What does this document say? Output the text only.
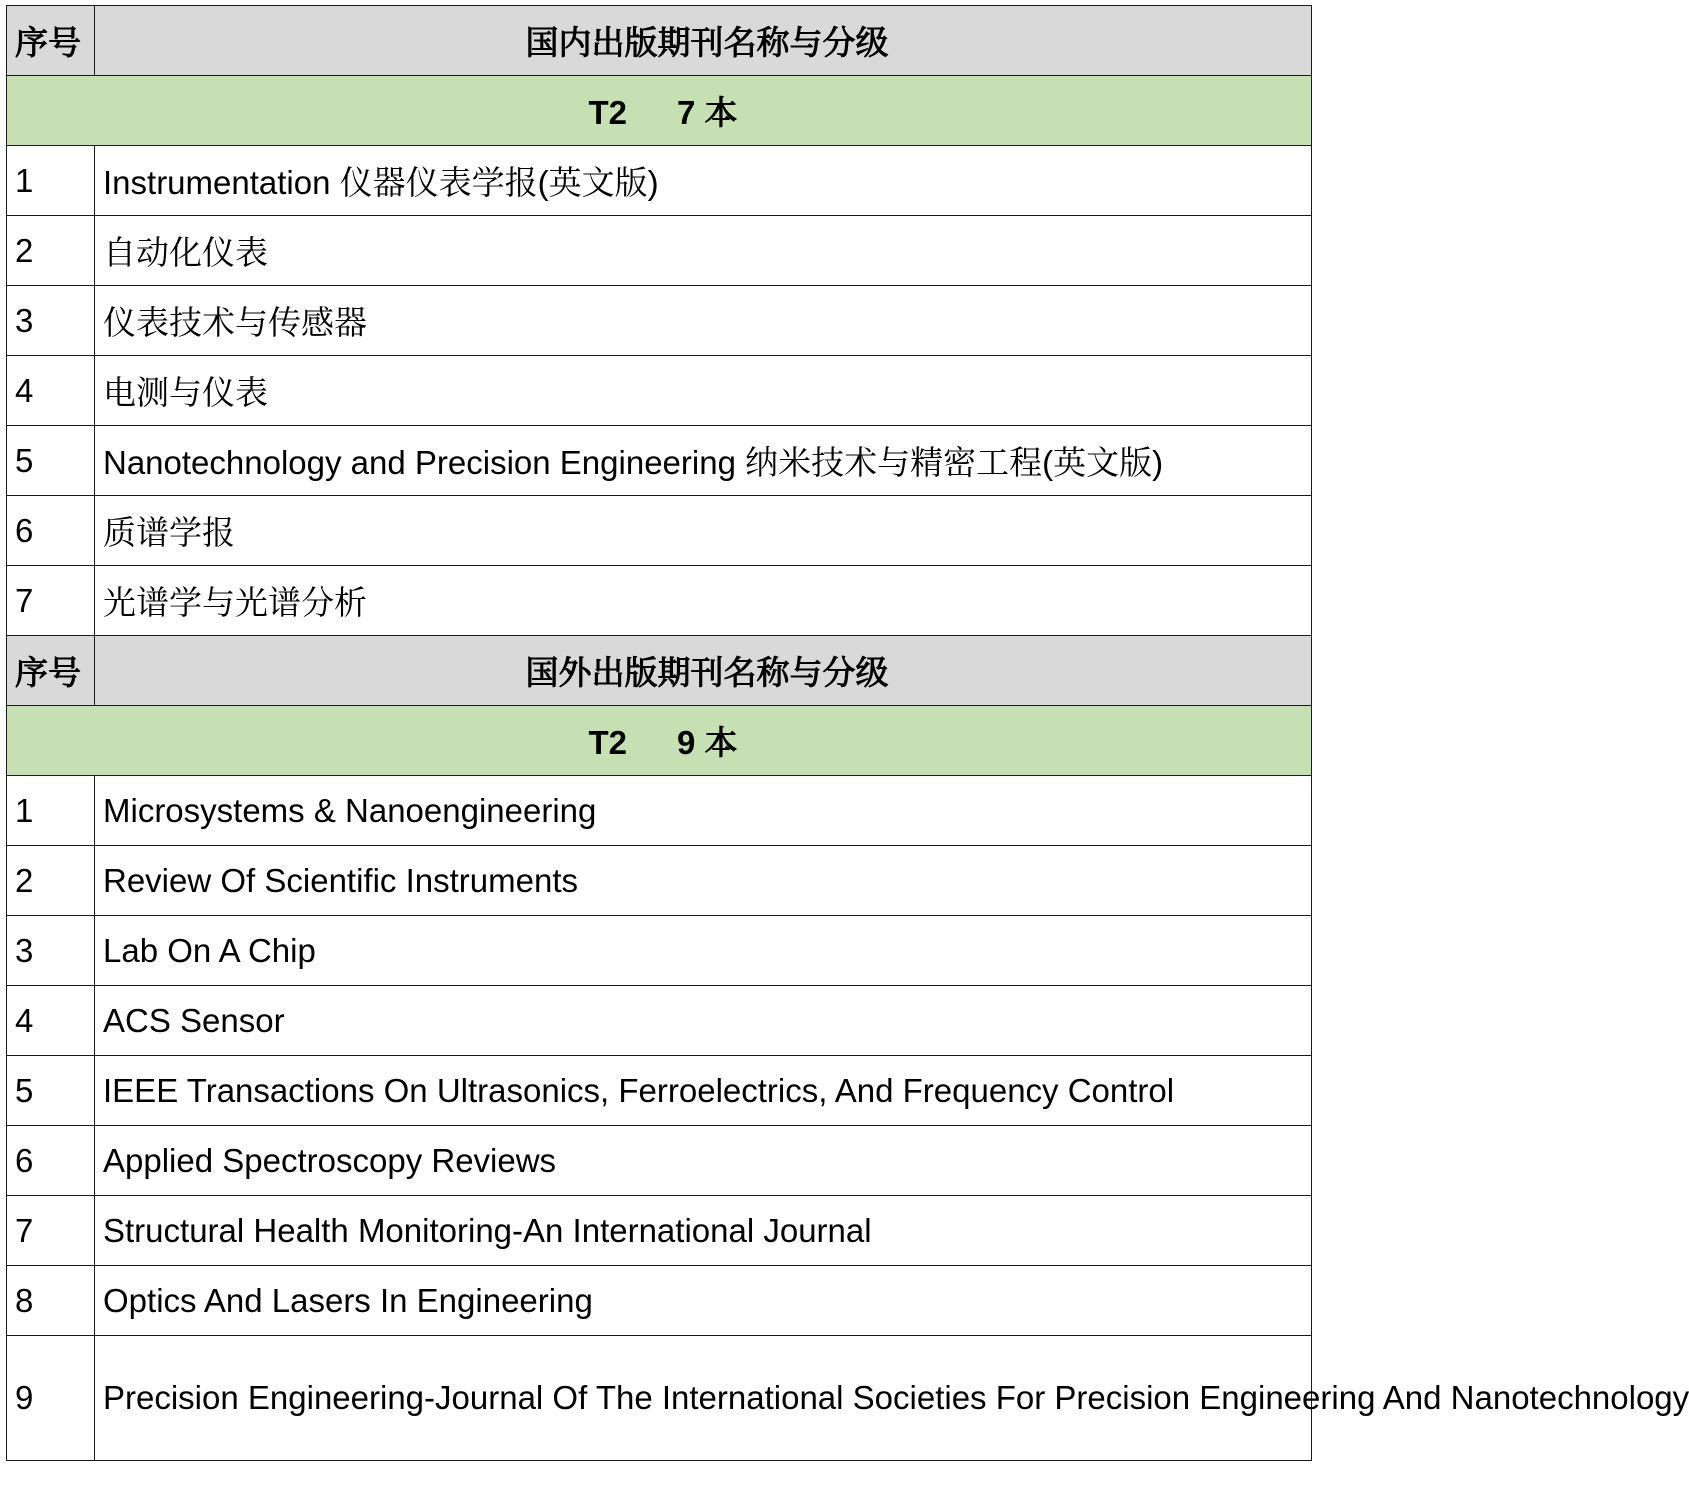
序号	国内出版期刊名称与分级
T2 7 本	
1	Instrumentation 仪器仪表学报(英文版)
2	自动化仪表
3	仪表技术与传感器
4	电测与仪表
5	Nanotechnology and Precision Engineering 纳米技术与精密工程(英文版)
6	质谱学报
7	光谱学与光谱分析
序号	国外出版期刊名称与分级
T2 9 本	
1	Microsystems & Nanoengineering
2	Review Of Scientific Instruments
3	Lab On A Chip
4	ACS Sensor
5	IEEE Transactions On Ultrasonics, Ferroelectrics, And Frequency Control
6	Applied Spectroscopy Reviews
7	Structural Health Monitoring-An International Journal
8	Optics And Lasers In Engineering
9	Precision Engineering-Journal Of The International Societies For Precision Engineering And Nanotechnology
